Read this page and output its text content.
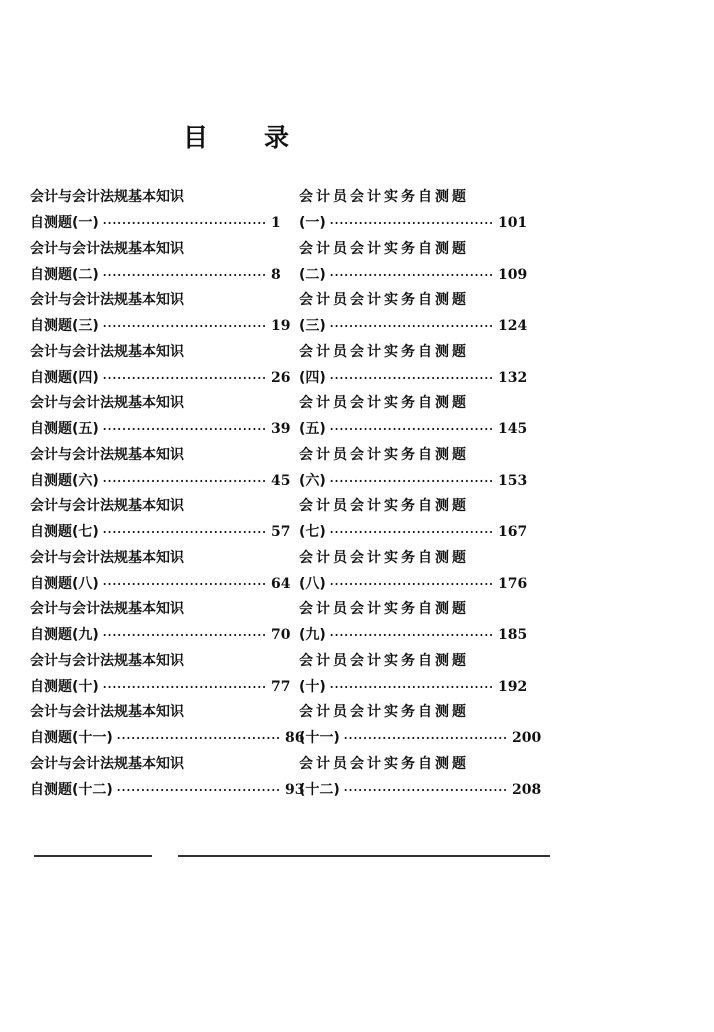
目 录
会计与会计法规基本知识
自测题(一) ·································· 1
会计与会计法规基本知识
自测题(二) ·································· 8
会计与会计法规基本知识
自测题(三) ·································· 19
会计与会计法规基本知识
自测题(四) ·································· 26
会计与会计法规基本知识
自测题(五) ·································· 39
会计与会计法规基本知识
自测题(六) ·································· 45
会计与会计法规基本知识
自测题(七) ·································· 57
会计与会计法规基本知识
自测题(八) ·································· 64
会计与会计法规基本知识
自测题(九) ·································· 70
会计与会计法规基本知识
自测题(十) ·································· 77
会计与会计法规基本知识
自测题(十一) ·································· 86
会计与会计法规基本知识
自测题(十二) ·································· 93
会计员会计实务自测题
(一) ·································· 101
会计员会计实务自测题
(二) ·································· 109
会计员会计实务自测题
(三) ·································· 124
会计员会计实务自测题
(四) ·································· 132
会计员会计实务自测题
(五) ·································· 145
会计员会计实务自测题
(六) ·································· 153
会计员会计实务自测题
(七) ·································· 167
会计员会计实务自测题
(八) ·································· 176
会计员会计实务自测题
(九) ·································· 185
会计员会计实务自测题
(十) ·································· 192
会计员会计实务自测题
(十一) ·································· 200
会计员会计实务自测题
(十二) ·································· 208
